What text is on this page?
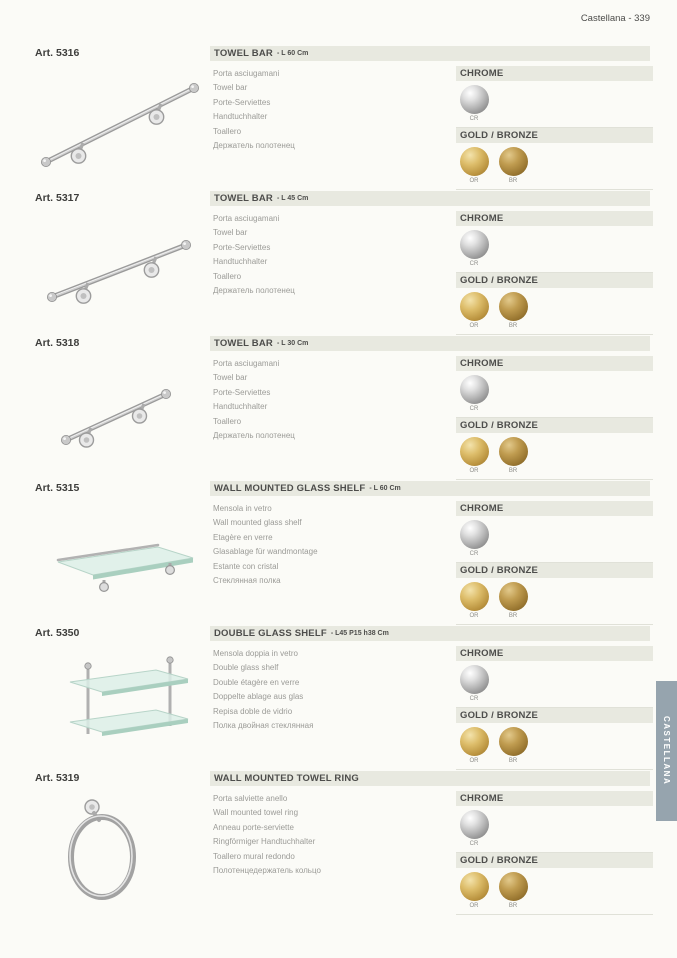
Castellana - 339
Art. 5316	TOWEL BAR - L 60 Cm
Porta asciugamani
Towel bar
Porte-Serviettes
Handtuchhalter
Toallero
Держатель полотенец
CHROME
CR
GOLD / BRONZE
OR	BR
Art. 5317	TOWEL BAR - L 45 Cm
Porta asciugamani
Towel bar
Porte-Serviettes
Handtuchhalter
Toallero
Держатель полотенец
CHROME
CR
GOLD / BRONZE
OR	BR
Art. 5318	TOWEL BAR - L 30 Cm
Porta asciugamani
Towel bar
Porte-Serviettes
Handtuchhalter
Toallero
Держатель полотенец
CHROME
CR
GOLD / BRONZE
OR	BR
Art. 5315	WALL MOUNTED GLASS SHELF - L 60 Cm
Mensola in vetro
Wall mounted glass shelf
Etagère en verre
Glasablage für wandmontage
Estante con cristal
Стеклянная полка
CHROME
CR
GOLD / BRONZE
OR	BR
Art. 5350	DOUBLE GLASS SHELF - L45 P15 h38 Cm
Mensola doppia in vetro
Double glass shelf
Double étagère en verre
Doppelte ablage aus glas
Repisa doble de vidrio
Полка двойная стеклянная
CHROME
CR
GOLD / BRONZE
OR	BR
Art. 5319	WALL MOUNTED TOWEL RING
Porta salviette anello
Wall mounted towel ring
Anneau porte-serviette
Ringförmiger Handtuchhalter
Toallero mural redondo
Полотенцедержатель кольцо
CHROME
CR
GOLD / BRONZE
OR	BR
CASTELLANA
